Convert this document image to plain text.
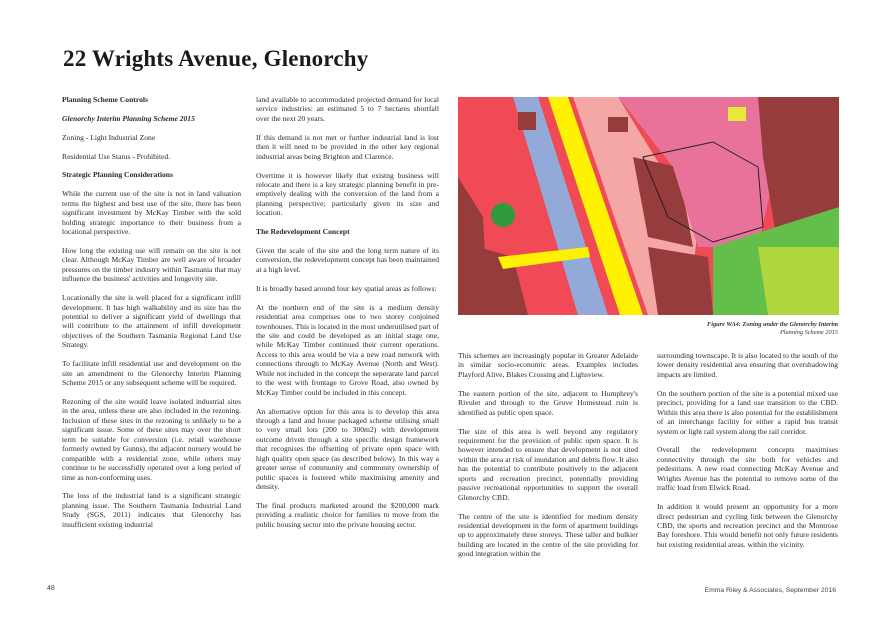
22 Wrights Avenue, Glenorchy

Planning Scheme Controls

Glenorchy Interim Planning Scheme 2015

Zoning - Light Industrial Zone

Residential Use Status - Prohibited.

Strategic Planning Considerations

While the current use of the site is not in land valuation terms the highest and best use of the site, there has been significant investment by McKay Timber with the sold holding strategic importance to their business from a locational perspective.

How long the existing use will remain on the site is not clear. Although McKay Timber are well aware of broader pressures on the timber industry within Tasmania that may influence the business' activities and longevity site.

Locationally the site is well placed for a significant infill development. It has high walkability and its size has the potential to deliver a significant yield of dwellings that will contribute to the attainment of infill development objectives of the Southern Tasmania Regional Land Use Strategy.

To facilitate infill residential use and development on the site an amendment to the Glenorchy Interim Planning Scheme 2015 or any subsequent scheme will be required.

Rezoning of the site would leave isolated industrial sites in the area, unless these are also included in the rezoning. Inclusion of these sites in the rezoning is unlikely to be a significant issue. Some of these sites may over the short term be suitable for conversion (i.e. retail warehouse formerly owned by Gunns), the adjacent nursery would be compatible with a residential zone, while others may continue to be successfully operated over a long period of time as non-conforming uses.

The loss of the industrial land is a significant strategic planning issue. The Southern Tasmania Industrial Land Study (SGS, 2011) indicates that Glenorchy has insufficient existing industrial

land available to accommodated projected demand for local service industries: an estimated 5 to 7 hectares shortfall over the next 20 years.

If this demand is not met or further industrial land is lost then it will need to be provided in the other key regional industrial areas being Brighton and Clarence.

Overtime it is however likely that existng business will relocate and there is a key strategic planning benefit in pre-emptively dealing with the conversion of the land from a planning perspective; particularly given its size and location.

The Redevelopment Concept

Given the scale of the site and the long term nature of its conversion, the redevelopment concept has been maintained at a high level.

It is broadly based around four key spatial areas as follows:

At the northern end of the site is a medium density residential area comprises one to two storey conjoined townhouses. This is located in the most underutilised part of the site and could be developed as an initial stage one, while McKay Timber continued their current operations. Access to this area would be via a new road network with connections through to McKay Avenue (North and West). While not included in the concept the seperarate land parcel to the west with frontage to Grove Road, also owned by McKay Timber could be included in this concept.

An alternative option for this area is to develop this area through a land and house packaged scheme utilising small to very small lots (200 to 300m2) with development outcome driven through a site specific design framework that recognises the offsetting of private open space with high quality open space (as described below). In this way a greater sense of community and community ownership of public spaces is fostered while maximising amenity and density.

The final products marketed around the $200,000 mark providing a realistic choice for families to move from the public housing sector into the private housing sector.

Figure WA4: Zoning under the Glenorchy Interim
Planning Scheme 2015

This schemes are increasingly popular in Greater Adelaide in similar socio-economic areas. Examples includes Playford Alive, Blakes Crossing and Lighsview.

The eastern portion of the site, adjacent to Humphrey's Rivulet and through to the Grove Homestead ruin is identified as public open space.

The size of this area is well beyond any regulatory requirement for the provision of public open space. It is however intended to ensure that development is not sited within the area at risk of inundation and debris flow. It also has the potential to contribute positively to the adjacent sports and recreation precinct, potentially providing passive recreational opportunities to support the overall Glenorchy CBD.

The centre of the site is identified for medium density residential development in the form of apartment buildings up to approximately three storeys. These taller and bulkier building are located in the centre of the site providing for good integration within the

surrounding townscape. It is also located to the south of the lower density residential area ensuring that overshadowing impacts are limited.

On the southern portion of the site is a potential mixed use precinct, providing for a land use transition to the CBD. Within this area there is also potential for the establishment of an interchange facility for either a rapid bus transit system or light rail system along the rail corridor.

Overall the redevelopment concepts maximises connectivity through the site both for vehicles and pedestrians. A new road connecting McKay Avenue and Wrights Avenue has the potential to remove some of the traffic load from Elwick Road.

In addition it would present an opportunity for a more direct pedestrian and cycling link between the Glenorchy CBD, the sports and recreation precinct and the Montrose Bay foreshore. This would benefit not only future residents but existing residential areas. within the vicinity.

48	Emma Riley & Associates, September 2016
